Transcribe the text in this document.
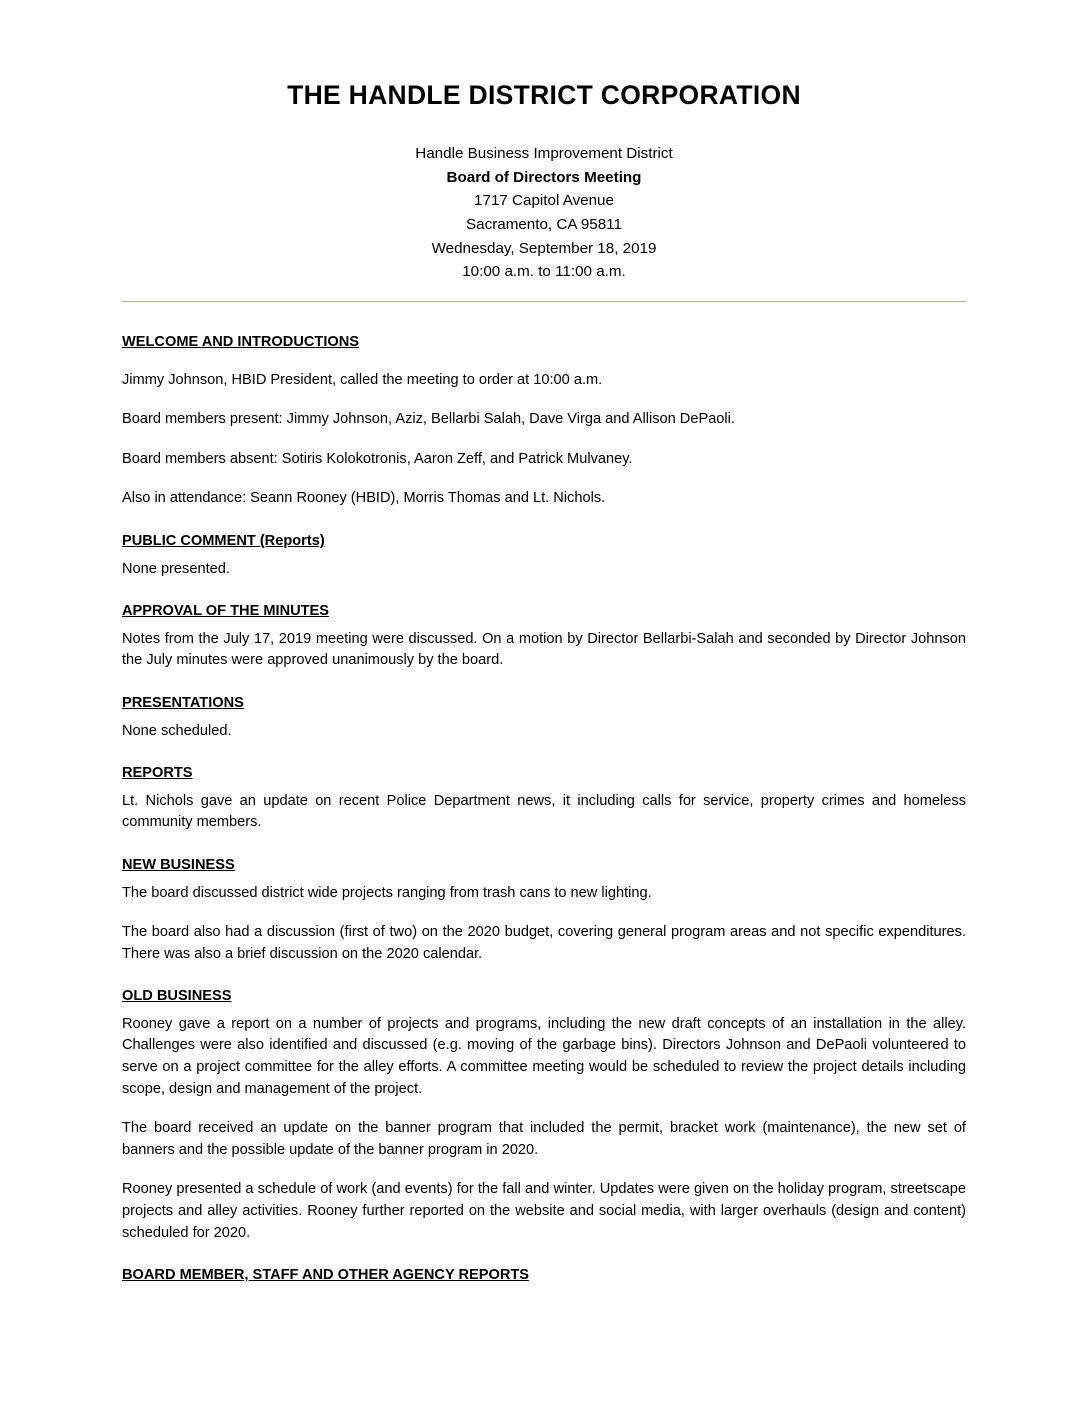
THE HANDLE DISTRICT CORPORATION
Handle Business Improvement District
Board of Directors Meeting
1717 Capitol Avenue
Sacramento, CA 95811
Wednesday, September 18, 2019
10:00 a.m. to 11:00 a.m.
WELCOME AND INTRODUCTIONS

Jimmy Johnson, HBID President, called the meeting to order at 10:00 a.m.

Board members present: Jimmy Johnson, Aziz, Bellarbi Salah, Dave Virga and Allison DePaoli.

Board members absent: Sotiris Kolokotronis, Aaron Zeff, and Patrick Mulvaney.

Also in attendance: Seann Rooney (HBID), Morris Thomas and Lt. Nichols.

PUBLIC COMMENT (Reports)

None presented.

APPROVAL OF THE MINUTES

Notes from the July 17, 2019 meeting were discussed. On a motion by Director Bellarbi-Salah and seconded by Director Johnson the July minutes were approved unanimously by the board.

PRESENTATIONS

None scheduled.

REPORTS

Lt. Nichols gave an update on recent Police Department news, it including calls for service, property crimes and homeless community members.

NEW BUSINESS

The board discussed district wide projects ranging from trash cans to new lighting.

The board also had a discussion (first of two) on the 2020 budget, covering general program areas and not specific expenditures. There was also a brief discussion on the 2020 calendar.

OLD BUSINESS

Rooney gave a report on a number of projects and programs, including the new draft concepts of an installation in the alley. Challenges were also identified and discussed (e.g. moving of the garbage bins). Directors Johnson and DePaoli volunteered to serve on a project committee for the alley efforts. A committee meeting would be scheduled to review the project details including scope, design and management of the project.

The board received an update on the banner program that included the permit, bracket work (maintenance), the new set of banners and the possible update of the banner program in 2020.

Rooney presented a schedule of work (and events) for the fall and winter. Updates were given on the holiday program, streetscape projects and alley activities. Rooney further reported on the website and social media, with larger overhauls (design and content) scheduled for 2020.

BOARD MEMBER, STAFF AND OTHER AGENCY REPORTS
